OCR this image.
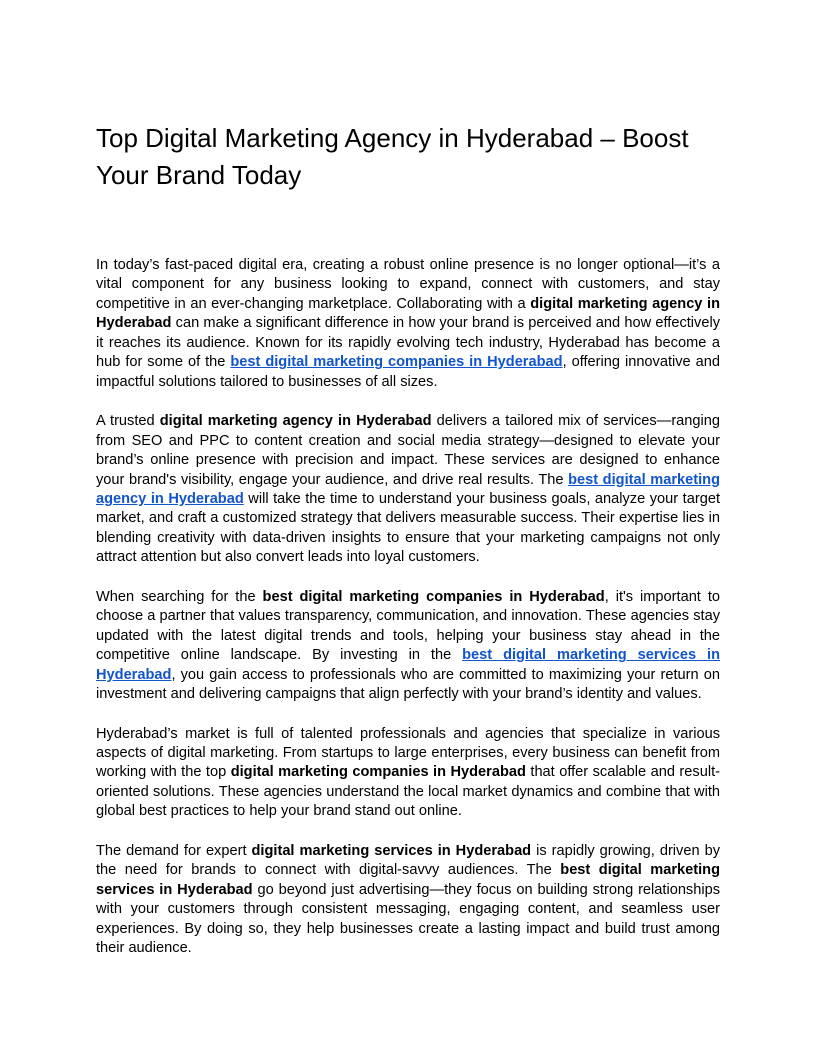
Top Digital Marketing Agency in Hyderabad – Boost Your Brand Today

In today’s fast-paced digital era, creating a robust online presence is no longer optional—it’s a vital component for any business looking to expand, connect with customers, and stay competitive in an ever-changing marketplace. Collaborating with a digital marketing agency in Hyderabad can make a significant difference in how your brand is perceived and how effectively it reaches its audience. Known for its rapidly evolving tech industry, Hyderabad has become a hub for some of the best digital marketing companies in Hyderabad, offering innovative and impactful solutions tailored to businesses of all sizes.

A trusted digital marketing agency in Hyderabad delivers a tailored mix of services—ranging from SEO and PPC to content creation and social media strategy—designed to elevate your brand’s online presence with precision and impact. These services are designed to enhance your brand's visibility, engage your audience, and drive real results. The best digital marketing agency in Hyderabad will take the time to understand your business goals, analyze your target market, and craft a customized strategy that delivers measurable success. Their expertise lies in blending creativity with data-driven insights to ensure that your marketing campaigns not only attract attention but also convert leads into loyal customers.

When searching for the best digital marketing companies in Hyderabad, it's important to choose a partner that values transparency, communication, and innovation. These agencies stay updated with the latest digital trends and tools, helping your business stay ahead in the competitive online landscape. By investing in the best digital marketing services in Hyderabad, you gain access to professionals who are committed to maximizing your return on investment and delivering campaigns that align perfectly with your brand’s identity and values.

Hyderabad’s market is full of talented professionals and agencies that specialize in various aspects of digital marketing. From startups to large enterprises, every business can benefit from working with the top digital marketing companies in Hyderabad that offer scalable and result-oriented solutions. These agencies understand the local market dynamics and combine that with global best practices to help your brand stand out online.

The demand for expert digital marketing services in Hyderabad is rapidly growing, driven by the need for brands to connect with digital-savvy audiences. The best digital marketing services in Hyderabad go beyond just advertising—they focus on building strong relationships with your customers through consistent messaging, engaging content, and seamless user experiences. By doing so, they help businesses create a lasting impact and build trust among their audience.
